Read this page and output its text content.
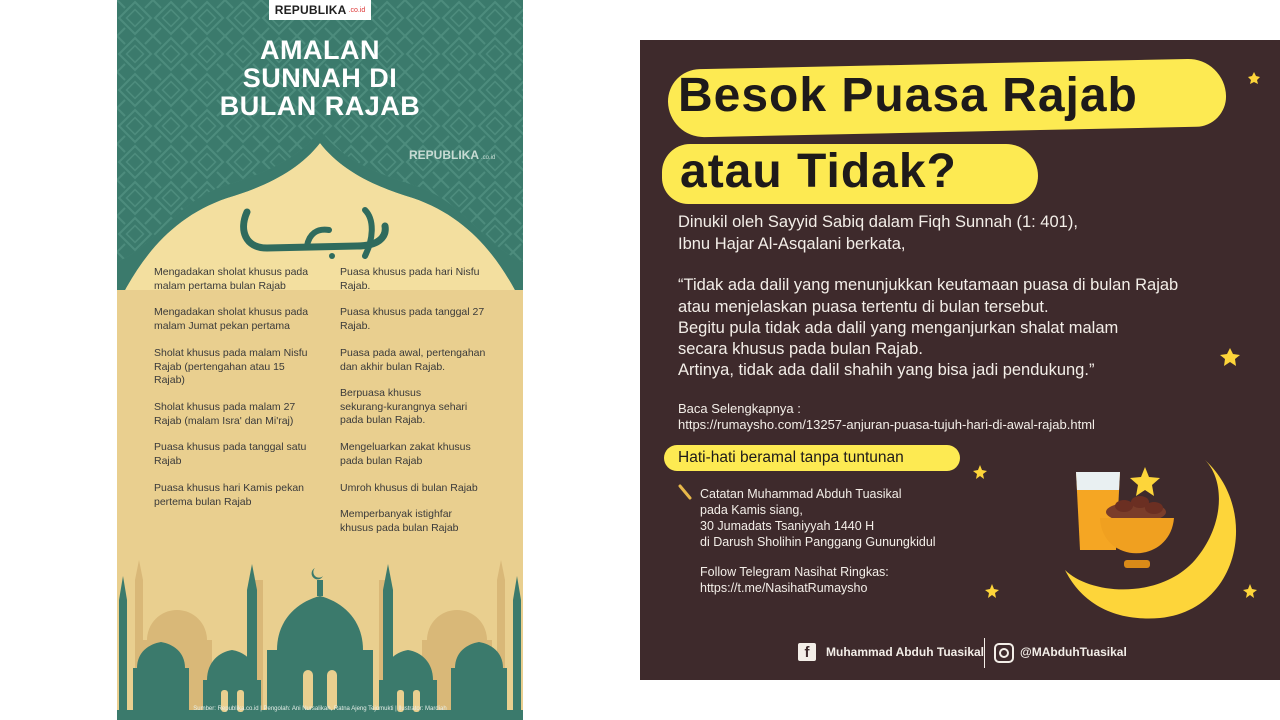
REPUBLIKA .co.id
AMALAN
SUNNAH DI
BULAN RAJAB
REPUBLIKA .co.id
Mengadakan sholat khusus pada
malam pertama bulan Rajab
Mengadakan sholat khusus pada
malam Jumat pekan pertama
Sholat khusus pada malam Nisfu
Rajab (pertengahan atau 15
Rajab)
Sholat khusus pada malam 27
Rajab (malam Isra' dan Mi'raj)
Puasa khusus pada tanggal satu
Rajab
Puasa khusus hari Kamis pekan
pertema bulan Rajab
Puasa khusus pada hari Nisfu
Rajab.
Puasa khusus pada tanggal 27
Rajab.
Puasa pada awal, pertengahan
dan akhir bulan Rajab.
Berpuasa khusus
sekurang-kurangnya sehari
pada bulan Rajab.
Mengeluarkan zakat khusus
pada bulan Rajab
Umroh khusus di bulan Rajab
Memperbanyak istighfar
khusus pada bulan Rajab
Sumber: Republika.co.id | Pengolah: Ani Nursalikah, Ratna Ajeng Tejomukti | Ilustrator: Mardiah
Besok Puasa Rajab
atau Tidak?
Dinukil oleh Sayyid Sabiq dalam Fiqh Sunnah (1: 401),
Ibnu Hajar Al-Asqalani berkata,
“Tidak ada dalil yang menunjukkan keutamaan puasa di bulan Rajab
atau menjelaskan puasa tertentu di bulan tersebut.
Begitu pula tidak ada dalil yang menganjurkan shalat malam
secara khusus pada bulan Rajab.
Artinya, tidak ada dalil shahih yang bisa jadi pendukung.”
Baca Selengkapnya :
https://rumaysho.com/13257-anjuran-puasa-tujuh-hari-di-awal-rajab.html
Hati-hati beramal tanpa tuntunan
Catatan Muhammad Abduh Tuasikal
pada Kamis siang,
30 Jumadats Tsaniyyah 1440 H
di Darush Sholihin Panggang Gunungkidul
Follow Telegram Nasihat Ringkas:
https://t.me/NasihatRumaysho
f	Muhammad Abduh Tuasikal	@MAbduhTuasikal
